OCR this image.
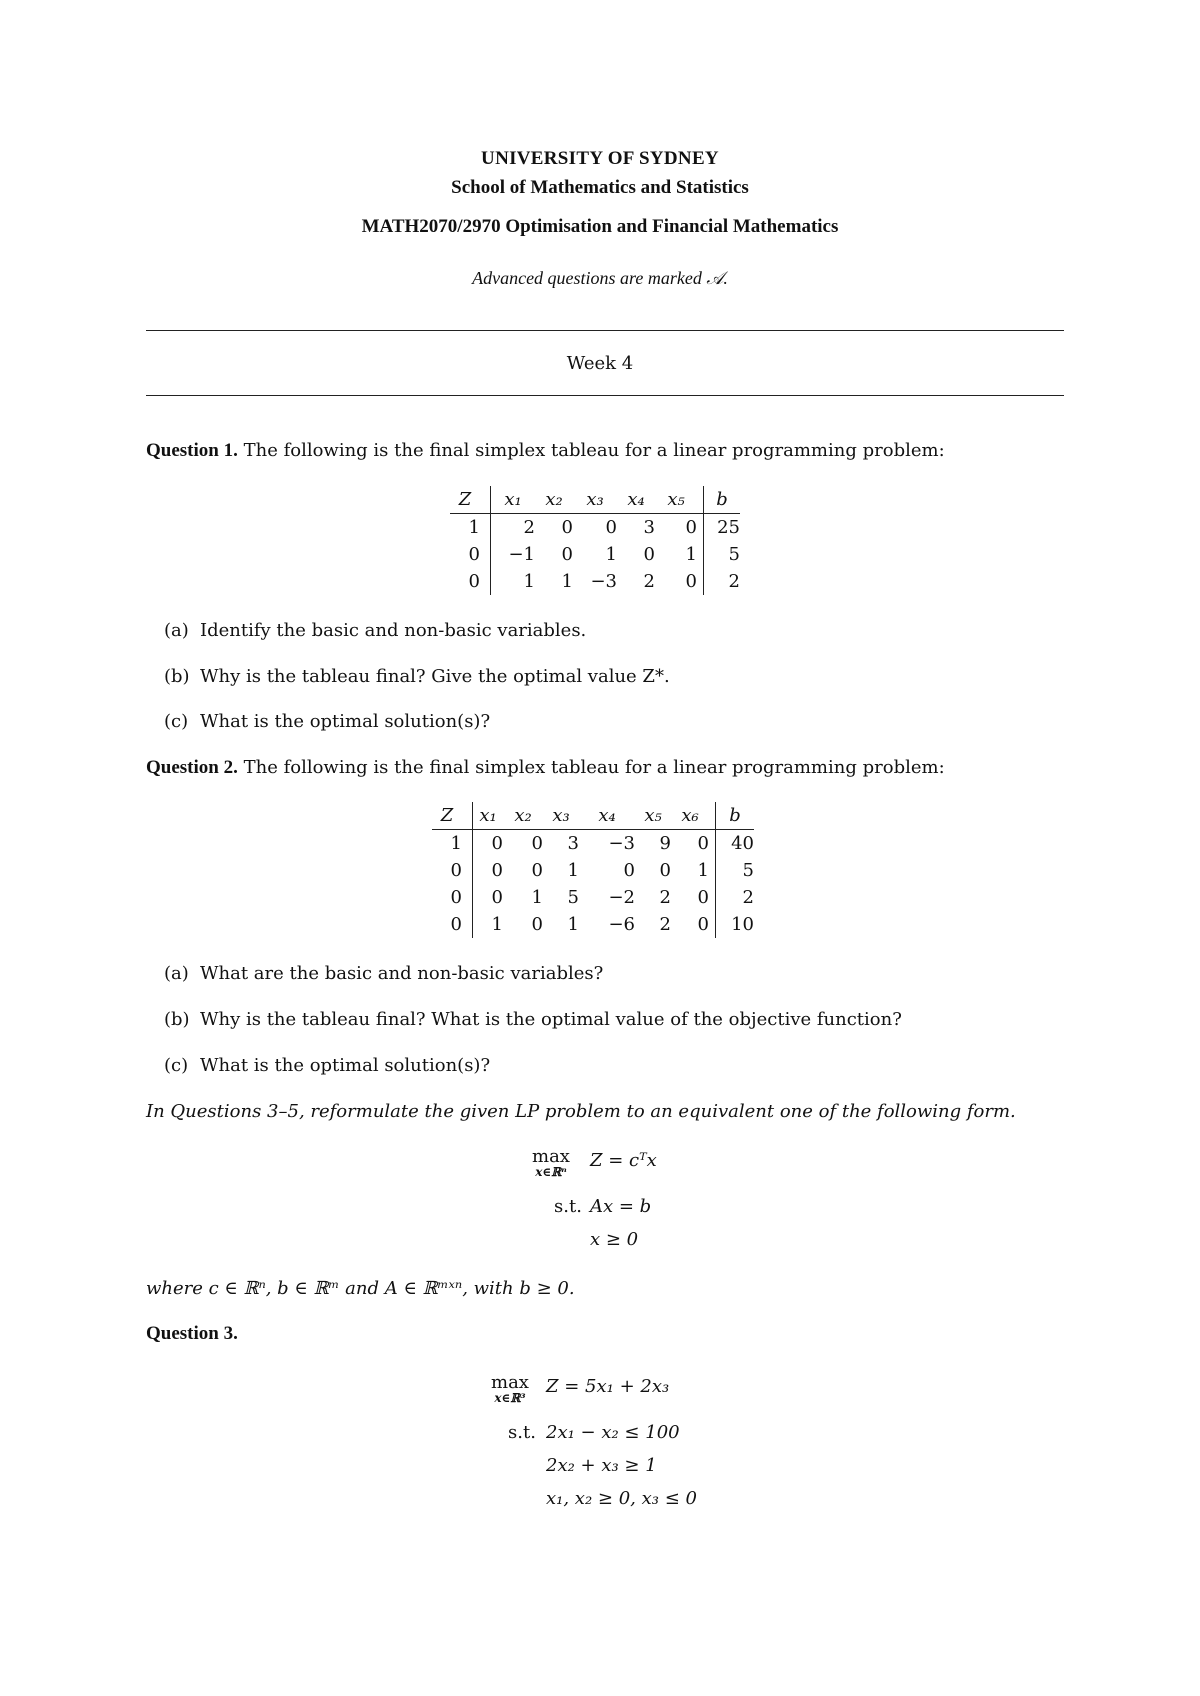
UNIVERSITY OF SYDNEY
School of Mathematics and Statistics
MATH2070/2970 Optimisation and Financial Mathematics
Advanced questions are marked 𝒜.
Week 4
Question 1. The following is the final simplex tableau for a linear programming problem:
Z	x₁	x₂	x₃	x₄	x₅	b
1	2	0	0	3	0	25
0	−1	0	1	0	1	5
0	1	1	−3	2	0	2
(a) Identify the basic and non-basic variables.
(b) Why is the tableau final? Give the optimal value Z*.
(c) What is the optimal solution(s)?
Question 2. The following is the final simplex tableau for a linear programming problem:
Z	x₁	x₂	x₃	x₄	x₅	x₆	b
1	0	0	3	−3	9	0	40
0	0	0	1	0	0	1	5
0	0	1	5	−2	2	0	2
0	1	0	1	−6	2	0	10
(a) What are the basic and non-basic variables?
(b) Why is the tableau final? What is the optimal value of the objective function?
(c) What is the optimal solution(s)?
In Questions 3–5, reformulate the given LP problem to an equivalent one of the following form.
max
x∈ℝⁿ
Z = cᵀx
s.t. Ax = b
x ≥ 0
where c ∈ ℝⁿ, b ∈ ℝᵐ and A ∈ ℝᵐˣⁿ, with b ≥ 0.
Question 3.
max
x∈ℝ³
Z = 5x₁ + 2x₃
s.t. 2x₁ − x₂ ≤ 100
2x₂ + x₃ ≥ 1
x₁, x₂ ≥ 0, x₃ ≤ 0
